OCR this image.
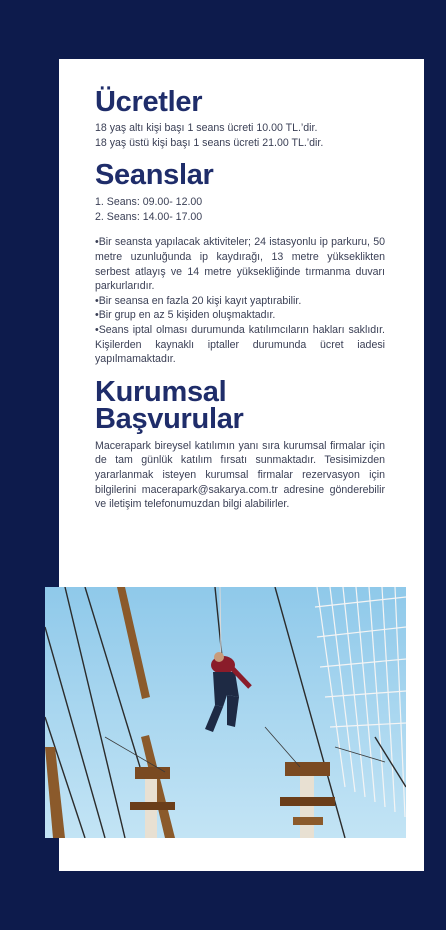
Ücretler
18 yaş altı kişi başı 1 seans ücreti 10.00 TL.’dir.
18 yaş üstü kişi başı 1 seans ücreti 21.00 TL.’dir.
Seanslar
1. Seans: 09.00- 12.00
2. Seans: 14.00- 17.00
• Bir seansta yapılacak aktiviteler; 24 istasyonlu ip parkuru, 50 metre uzunluğunda ip kaydırağı, 13 metre yükseklikten serbest atlayış ve 14 metre yüksekliğinde tırmanma duvarı parkurlarıdır.
• Bir seansa en fazla 20 kişi kayıt yaptırabilir.
• Bir grup en az 5 kişiden oluşmaktadır.
• Seans iptal olması durumunda katılımcıların hakları saklıdır. Kişilerden kaynaklı iptaller durumunda ücret iadesi yapılmamaktadır.
Kurumsal
Başvurular

Macerapark bireysel katılımın yanı sıra kurumsal firmalar için de tam günlük katılım fırsatı sunmaktadır. Tesisimizden yararlanmak isteyen kurumsal firmalar rezervasyon için bilgilerini macerapark@sakarya.com.tr adresine gönderebilir ve iletişim telefonumuzdan bilgi alabilirler.
